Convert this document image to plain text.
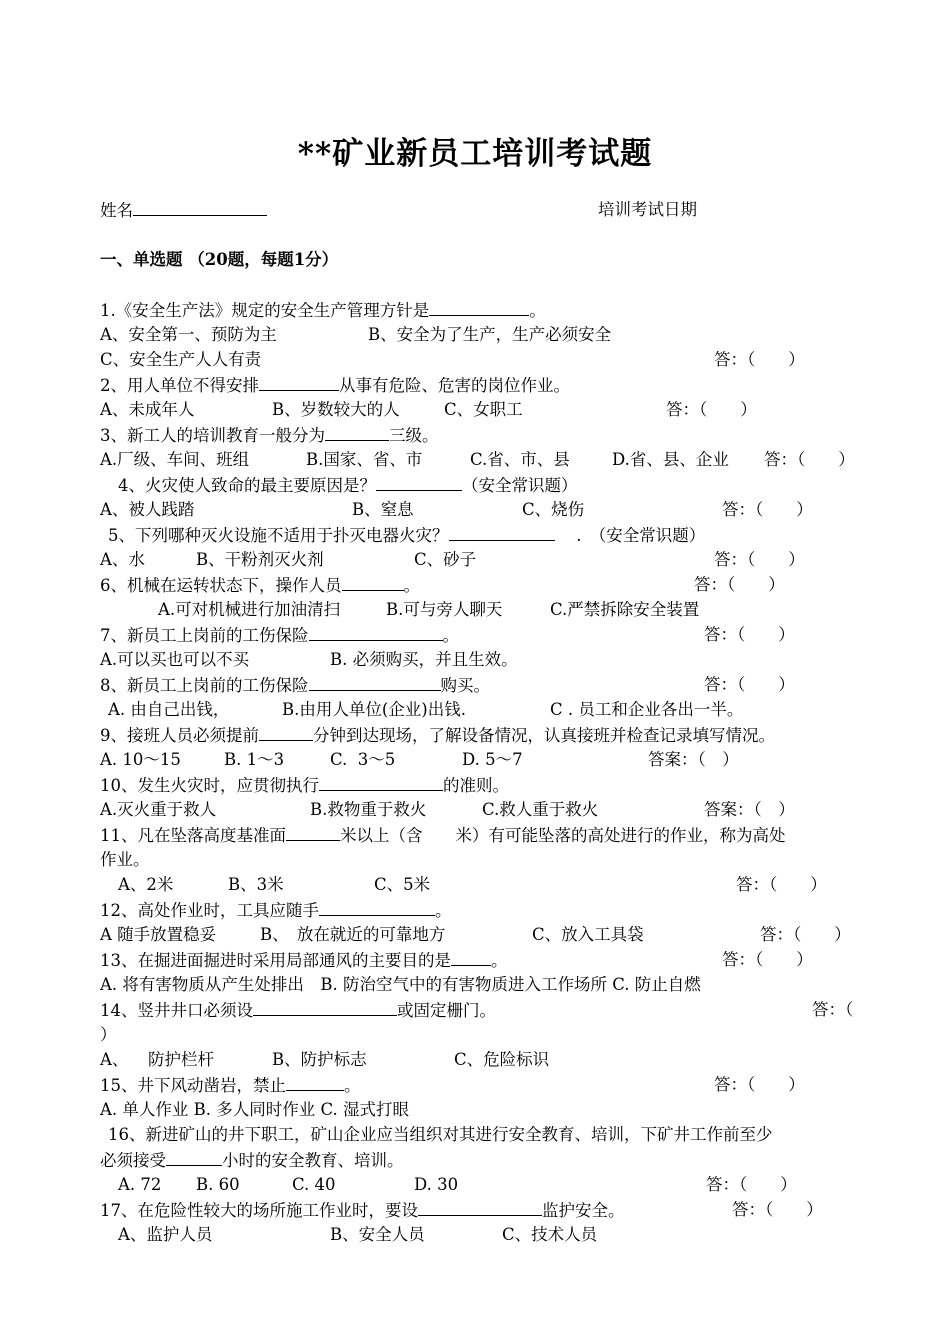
**矿业新员工培训考试题
姓名	培训考试日期
一、单选题 （20题，每题1分）
1.《安全生产法》规定的安全生产管理方针是	。
A、安全第一、预防为主	B、安全为了生产，生产必须安全
C、安全生产人人有责	答：（　　）
2、用人单位不得安排	从事有危险、危害的岗位作业。
A、未成年人	B、岁数较大的人	C、女职工	答：（　　）
3、新工人的培训教育一般分为	三级。
A.厂级、车间、班组	B.国家、省、市	C.省、市、县	D.省、县、企业 答：（　　）
4、火灾使人致命的最主要原因是？	（安全常识题）
A、被人践踏	B、窒息	C、烧伤	答：（　　）
5、下列哪种灭火设施不适用于扑灭电器火灾？　	.　（安全常识题）
A、水	B、干粉剂灭火剂	C、砂子	答：（　　）
6、机械在运转状态下，操作人员	。	答：（　　）
A.可对机械进行加油清扫	B.可与旁人聊天	C.严禁拆除安全装置
7、新员工上岗前的工伤保险	。	答：（　　）
A.可以买也可以不买	B. 必须购买，并且生效。
8、新员工上岗前的工伤保险	购买。	答：（　　）
A. 由自己出钱，	B.由用人单位(企业)出钱.	C . 员工和企业各出一半。
9、接班人员必须提前	分钟到达现场，了解设备情况，认真接班并检查记录填写情况。
A. 10～15	B. 1～3	C.  3～5	D. 5～7	答案：（　）
10、发生火灾时，应贯彻执行	的准则。
A.灭火重于救人	B.救物重于救火	C.救人重于救火	答案：（　）
11、凡在坠落高度基准面	米以上（含　　米）有可能坠落的高处进行的作业，称为高处
作业。
A、2米	B、3米	C、5米	答：（　　）
12、高处作业时，工具应随手	。
A 随手放置稳妥	B、　放在就近的可靠地方	C、放入工具袋	答：（　　）
13、在掘进面掘进时采用局部通风的主要目的是 。	答：（　　）
A. 将有害物质从产生处排出　B. 防治空气中的有害物质进入工作场所 C. 防止自燃
14、竖井井口必须设	或固定栅门。	答：（
）
A、 防护栏杆	B、防护标志	C、危险标识
15、井下风动凿岩，禁止	。	答：（　　）
A. 单人作业 B. 多人同时作业 C. 湿式打眼
16、新进矿山的井下职工，矿山企业应当组织对其进行安全教育、培训，下矿井工作前至少
必须接受	小时的安全教育、培训。
A. 72 B. 60	C. 40	D. 30	答：（　　）
17、在危险性较大的场所施工作业时，要设	监护安全。	答：（　　）
A、监护人员	B、安全人员	C、技术人员
